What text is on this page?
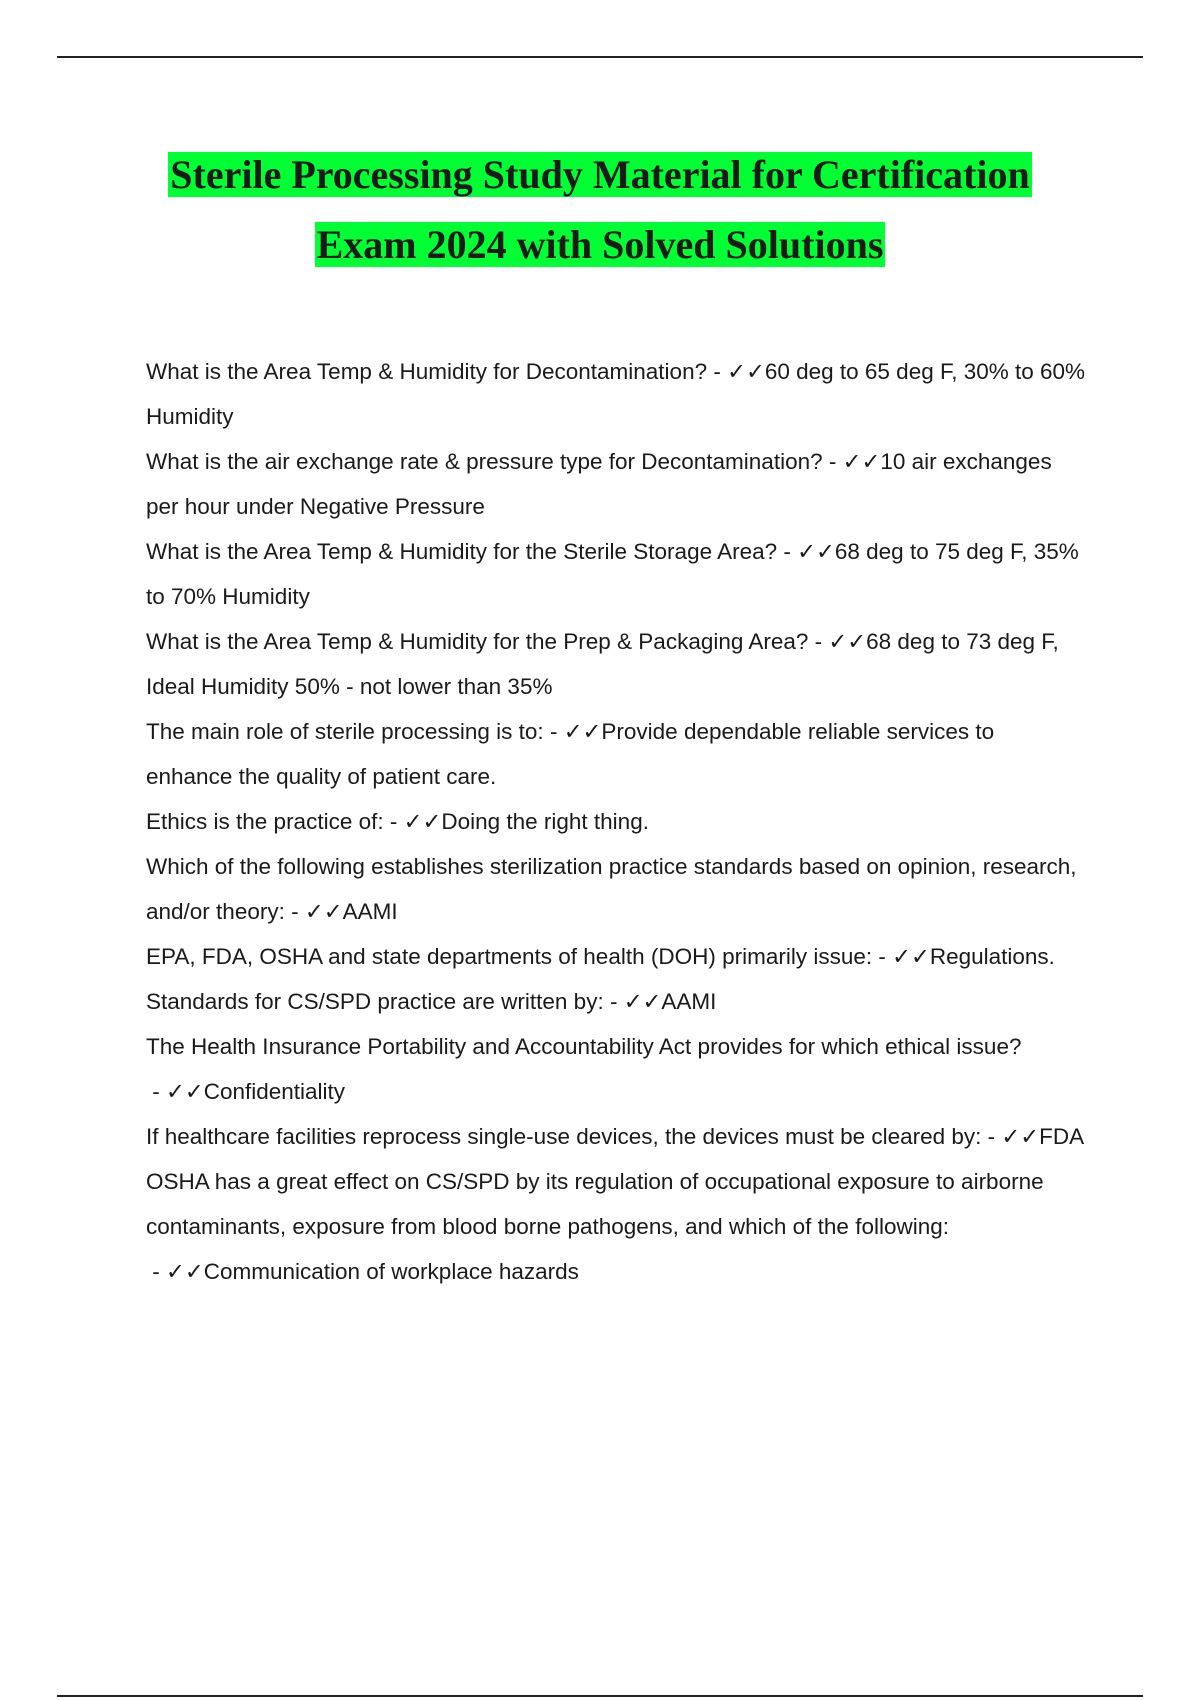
Sterile Processing Study Material for Certification
Exam 2024 with Solved Solutions

What is the Area Temp & Humidity for Decontamination? - ✓✓60 deg to 65 deg F, 30% to 60% Humidity

What is the air exchange rate & pressure type for Decontamination? - ✓✓10 air exchanges per hour under Negative Pressure

What is the Area Temp & Humidity for the Sterile Storage Area? - ✓✓68 deg to 75 deg F, 35% to 70% Humidity

What is the Area Temp & Humidity for the Prep & Packaging Area? - ✓✓68 deg to 73 deg F, Ideal Humidity 50% - not lower than 35%

The main role of sterile processing is to: - ✓✓Provide dependable reliable services to enhance the quality of patient care.

Ethics is the practice of: - ✓✓Doing the right thing.

Which of the following establishes sterilization practice standards based on opinion, research, and/or theory: - ✓✓AAMI

EPA, FDA, OSHA and state departments of health (DOH) primarily issue: - ✓✓Regulations.

Standards for CS/SPD practice are written by: - ✓✓AAMI

The Health Insurance Portability and Accountability Act provides for which ethical issue? - ✓✓Confidentiality

If healthcare facilities reprocess single-use devices, the devices must be cleared by: - ✓✓FDA

OSHA has a great effect on CS/SPD by its regulation of occupational exposure to airborne contaminants, exposure from blood borne pathogens, and which of the following: - ✓✓Communication of workplace hazards
